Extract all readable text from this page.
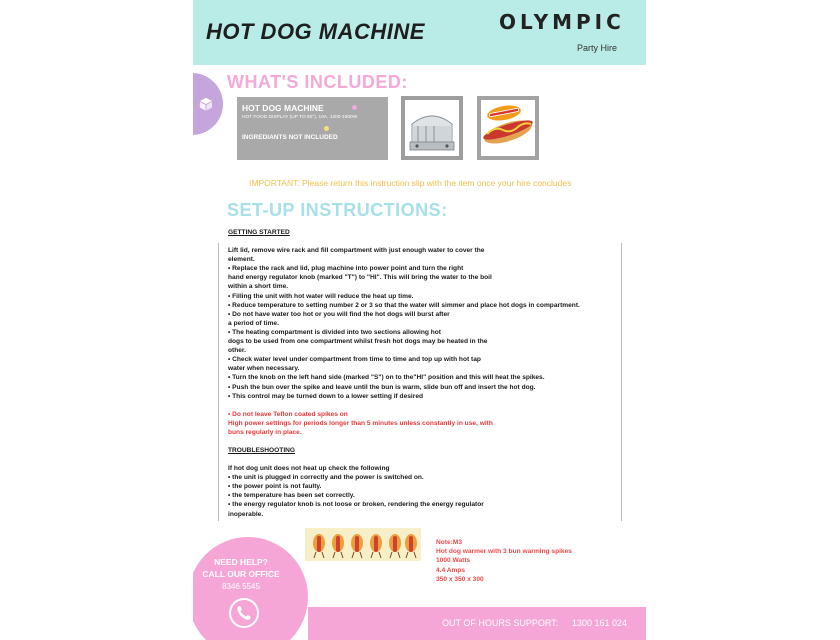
HOT DOG MACHINE	OLYMPIC
Party Hire
WHAT'S INCLUDED:
HOT DOG MACHINE
HOT FOOD DISPLAY (UP TO 80°), 10A, 1200-1500W
INGREDIANTS NOT INCLUDED
IMPORTANT: Please return this instruction slip with the item once your hire concludes
SET-UP INSTRUCTIONS:
GETTING STARTED
Lift lid, remove wire rack and fill compartment with just enough water to cover the
element.
• Replace the rack and lid, plug machine into power point and turn the right
hand energy regulator knob (marked "T") to "HI". This will bring the water to the boil
within a short time.
• Filling the unit with hot water will reduce the heat up time.
• Reduce temperature to setting number 2 or 3 so that the water will simmer and place hot dogs in compartment.
• Do not have water too hot or you will find the hot dogs will burst after
a period of time.
• The heating compartment is divided into two sections allowing hot
dogs to be used from one compartment whilst fresh hot dogs may be heated in the
other.
• Check water level under compartment from time to time and top up with hot tap
water when necessary.
• Turn the knob on the left hand side (marked "S") on to the"HI" position and this will heat the spikes.
• Push the bun over the spike and leave until the bun is warm, slide bun off and insert the hot dog.
• This control may be turned down to a lower setting if desired
• Do not leave Teflon coated spikes on
High power settings for periods longer than 5 minutes unless constantly in use, with
buns regularly in place.
TROUBLESHOOTING
If hot dog unit does not heat up check the following
• the unit is plugged in correctly and the power is switched on.
• the power point is not faulty.
• the temperature has been set correctly.
• the energy regulator knob is not loose or broken, rendering the energy regulator
inoperable.
Note:M3
Hot dog warmer with 3 bun warming spikes
1000 Watts
4.4 Amps
350 x 350 x 300
OUT OF HOURS SUPPORT: 1300 161 024
NEED HELP?
CALL OUR OFFICE
8346 5545
